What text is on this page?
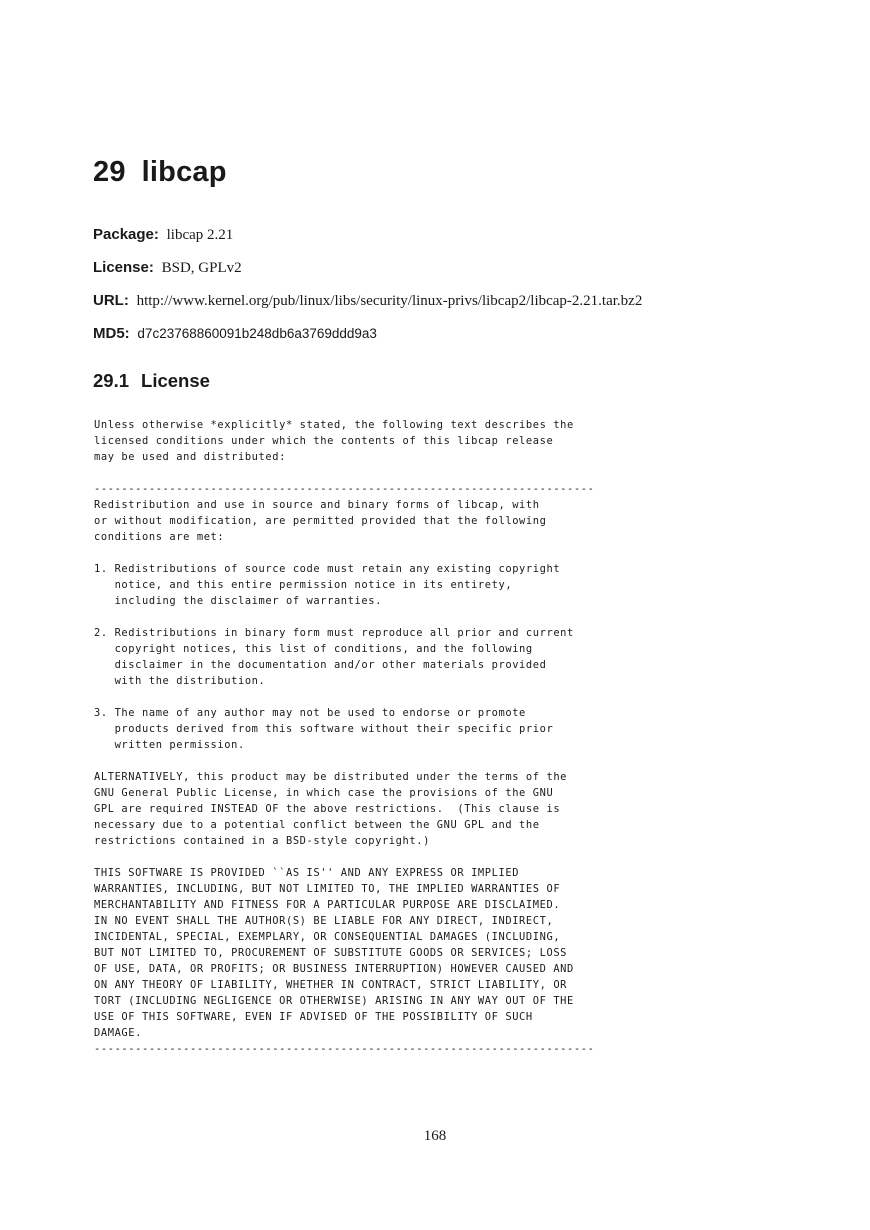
29 libcap
Package: libcap 2.21
License: BSD, GPLv2
URL: http://www.kernel.org/pub/linux/libs/security/linux-privs/libcap2/libcap-2.21.tar.bz2
MD5: d7c23768860091b248db6a3769ddd9a3
29.1 License
Unless otherwise *explicitly* stated, the following text describes the
licensed conditions under which the contents of this libcap release
may be used and distributed:

-------------------------------------------------------------------------
Redistribution and use in source and binary forms of libcap, with
or without modification, are permitted provided that the following
conditions are met:

1. Redistributions of source code must retain any existing copyright
notice, and this entire permission notice in its entirety,
including the disclaimer of warranties.

2. Redistributions in binary form must reproduce all prior and current
copyright notices, this list of conditions, and the following
disclaimer in the documentation and/or other materials provided
with the distribution.

3. The name of any author may not be used to endorse or promote
products derived from this software without their specific prior
written permission.

ALTERNATIVELY, this product may be distributed under the terms of the
GNU General Public License, in which case the provisions of the GNU
GPL are required INSTEAD OF the above restrictions.  (This clause is
necessary due to a potential conflict between the GNU GPL and the
restrictions contained in a BSD-style copyright.)

THIS SOFTWARE IS PROVIDED ``AS IS'' AND ANY EXPRESS OR IMPLIED
WARRANTIES, INCLUDING, BUT NOT LIMITED TO, THE IMPLIED WARRANTIES OF
MERCHANTABILITY AND FITNESS FOR A PARTICULAR PURPOSE ARE DISCLAIMED.
IN NO EVENT SHALL THE AUTHOR(S) BE LIABLE FOR ANY DIRECT, INDIRECT,
INCIDENTAL, SPECIAL, EXEMPLARY, OR CONSEQUENTIAL DAMAGES (INCLUDING,
BUT NOT LIMITED TO, PROCUREMENT OF SUBSTITUTE GOODS OR SERVICES; LOSS
OF USE, DATA, OR PROFITS; OR BUSINESS INTERRUPTION) HOWEVER CAUSED AND
ON ANY THEORY OF LIABILITY, WHETHER IN CONTRACT, STRICT LIABILITY, OR
TORT (INCLUDING NEGLIGENCE OR OTHERWISE) ARISING IN ANY WAY OUT OF THE
USE OF THIS SOFTWARE, EVEN IF ADVISED OF THE POSSIBILITY OF SUCH
DAMAGE.
-------------------------------------------------------------------------
168
